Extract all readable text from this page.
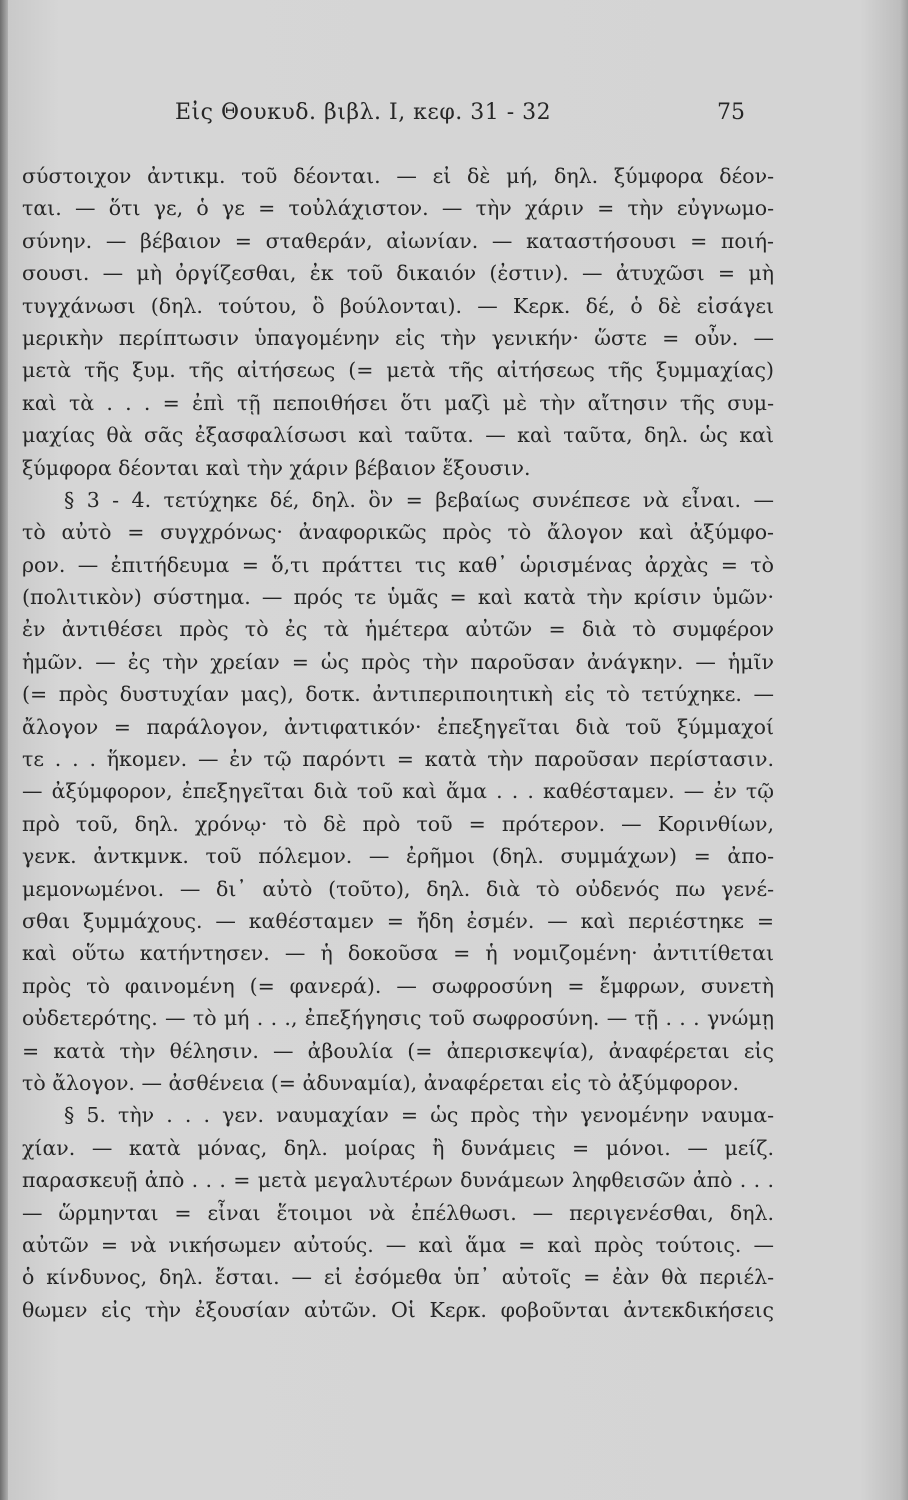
Εἰς Θουκυδ. βιβλ. Ι, κεφ. 31 - 32	75
σύστοιχον ἀντικμ. τοῦ δέονται. — εἰ δὲ μή, δηλ. ξύμφορα δέον-
ται. — ὅτι γε, ὁ γε = τοὐλάχιστον. — τὴν χάριν = τὴν εὐγνωμο-
σύνην. — βέβαιον = σταθεράν, αἰωνίαν. — καταστήσουσι = ποιή-
σουσι. — μὴ ὀργίζεσθαι, ἐκ τοῦ δικαιόν (ἐστιν). — ἀτυχῶσι = μὴ
τυγχάνωσι (δηλ. τούτου, ὃ βούλονται). — Κερκ. δέ, ὁ δὲ εἰσάγει
μερικὴν περίπτωσιν ὑπαγομένην εἰς τὴν γενικήν· ὥστε = οὖν. —
μετὰ τῆς ξυμ. τῆς αἰτήσεως (= μετὰ τῆς αἰτήσεως τῆς ξυμμαχίας)
καὶ τὰ . . . = ἐπὶ τῇ πεποιθήσει ὅτι μαζὶ μὲ τὴν αἴτησιν τῆς συμ-
μαχίας θὰ σᾶς ἐξασφαλίσωσι καὶ ταῦτα. — καὶ ταῦτα, δηλ. ὡς καὶ
ξύμφορα δέονται καὶ τὴν χάριν βέβαιον ἕξουσιν.
§ 3 - 4. τετύχηκε δέ, δηλ. ὃν = βεβαίως συνέπεσε νὰ εἶναι. —
τὸ αὐτὸ = συγχρόνως· ἀναφορικῶς πρὸς τὸ ἄλογον καὶ ἀξύμφο-
ρον. — ἐπιτήδευμα = ὅ,τι πράττει τις καθ᾽ ὡρισμένας ἀρχὰς = τὸ
(πολιτικὸν) σύστημα. — πρός τε ὑμᾶς = καὶ κατὰ τὴν κρίσιν ὑμῶν·
ἐν ἀντιθέσει πρὸς τὸ ἐς τὰ ἡμέτερα αὐτῶν = διὰ τὸ συμφέρον
ἡμῶν. — ἐς τὴν χρείαν = ὡς πρὸς τὴν παροῦσαν ἀνάγκην. — ἡμῖν
(= πρὸς δυστυχίαν μας), δοτκ. ἀντιπεριποιητικὴ εἰς τὸ τετύχηκε. —
ἄλογον = παράλογον, ἀντιφατικόν· ἐπεξηγεῖται διὰ τοῦ ξύμμαχοί
τε . . . ἥκομεν. — ἐν τῷ παρόντι = κατὰ τὴν παροῦσαν περίστασιν.
— ἀξύμφορον, ἐπεξηγεῖται διὰ τοῦ καὶ ἅμα . . . καθέσταμεν. — ἐν τῷ
πρὸ τοῦ, δηλ. χρόνῳ· τὸ δὲ πρὸ τοῦ = πρότερον. — Κορινθίων,
γενκ. ἀντκμνκ. τοῦ πόλεμον. — ἐρῆμοι (δηλ. συμμάχων) = ἀπο-
μεμονωμένοι. — δι᾽ αὐτὸ (τοῦτο), δηλ. διὰ τὸ οὐδενός πω γενέ-
σθαι ξυμμάχους. — καθέσταμεν = ἤδη ἐσμέν. — καὶ περιέστηκε =
καὶ οὕτω κατήντησεν. — ἡ δοκοῦσα = ἡ νομιζομένη· ἀντιτίθεται
πρὸς τὸ φαινομένη (= φανερά). — σωφροσύνη = ἔμφρων, συνετὴ
οὐδετερότης. — τὸ μή . . ., ἐπεξήγησις τοῦ σωφροσύνη. — τῇ . . . γνώμῃ
= κατὰ τὴν θέλησιν. — ἀβουλία (= ἀπερισκεψία), ἀναφέρεται εἰς
τὸ ἄλογον. — ἀσθένεια (= ἀδυναμία), ἀναφέρεται εἰς τὸ ἀξύμφορον.
§ 5. τὴν . . . γεν. ναυμαχίαν = ὡς πρὸς τὴν γενομένην ναυμα-
χίαν. — κατὰ μόνας, δηλ. μοίρας ἢ δυνάμεις = μόνοι. — μείζ.
παρασκευῇ ἀπὸ . . . = μετὰ μεγαλυτέρων δυνάμεων ληφθεισῶν ἀπὸ . . .
— ὥρμηνται = εἶναι ἕτοιμοι νὰ ἐπέλθωσι. — περιγενέσθαι, δηλ.
αὐτῶν = νὰ νικήσωμεν αὐτούς. — καὶ ἅμα = καὶ πρὸς τούτοις. —
ὁ κίνδυνος, δηλ. ἔσται. — εἰ ἐσόμεθα ὑπ᾽ αὐτοῖς = ἐὰν θὰ περιέλ-
θωμεν εἰς τὴν ἐξουσίαν αὐτῶν. Οἱ Κερκ. φοβοῦνται ἀντεκδικήσεις
